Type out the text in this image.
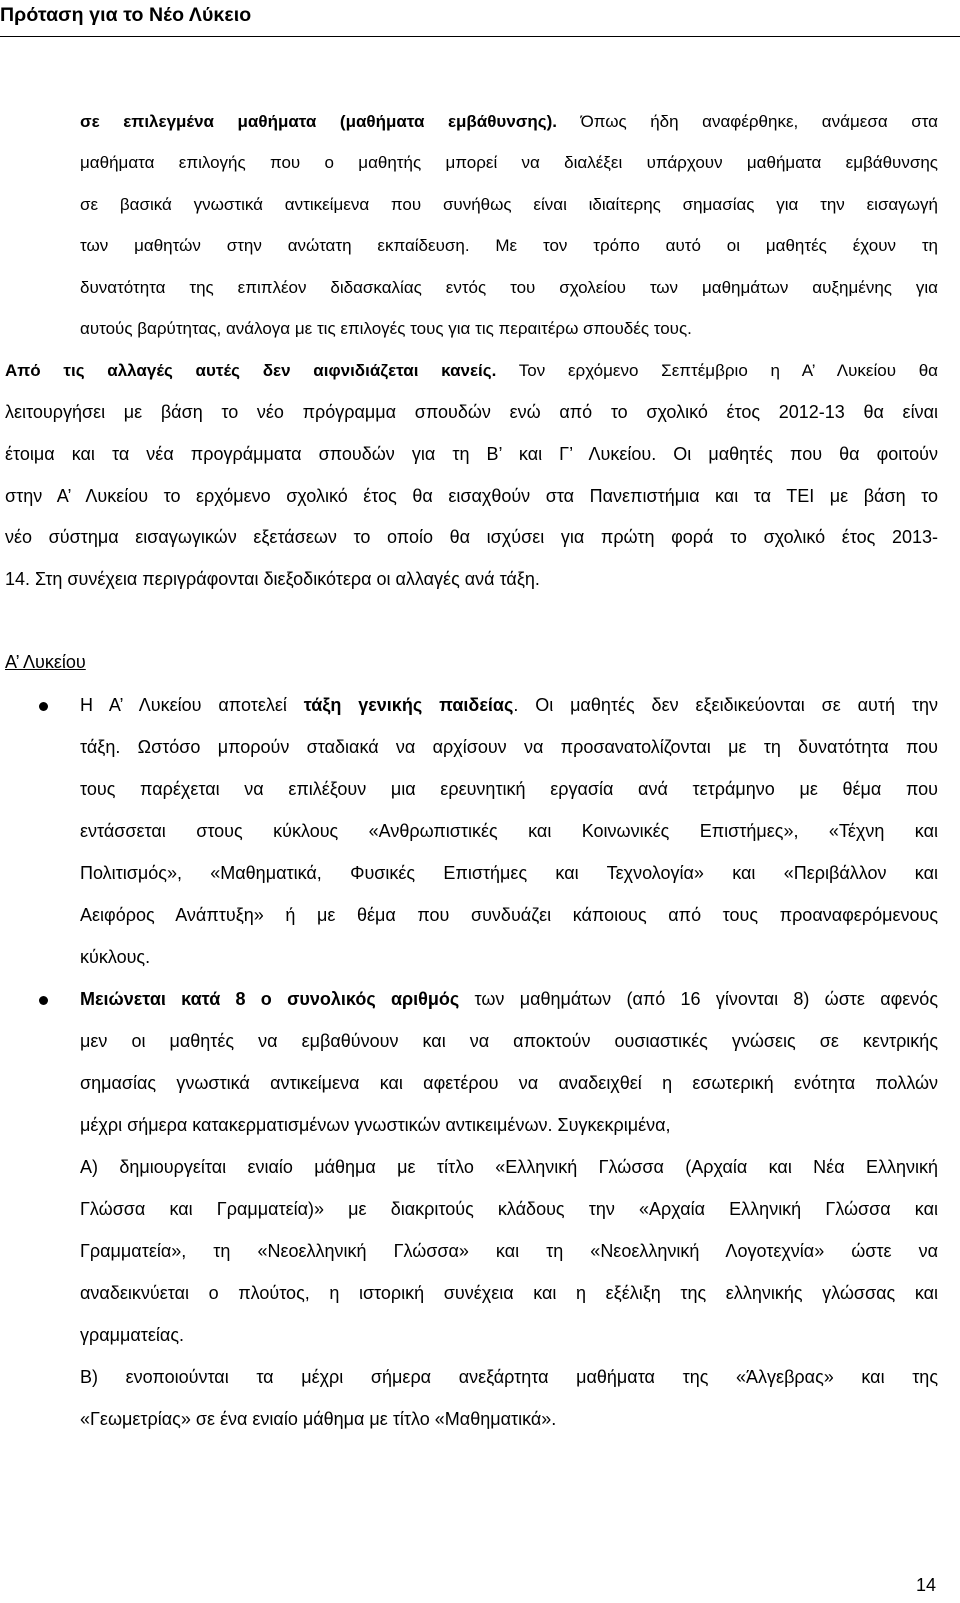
Πρόταση για το Νέο Λύκειο
σε επιλεγμένα μαθήματα (μαθήματα εμβάθυνσης). Όπως ήδη αναφέρθηκε, ανάμεσα στα
μαθήματα επιλογής που ο μαθητής μπορεί να διαλέξει υπάρχουν μαθήματα εμβάθυνσης
σε βασικά γνωστικά αντικείμενα που συνήθως είναι ιδιαίτερης σημασίας για την εισαγωγή
των μαθητών στην ανώτατη εκπαίδευση. Με τον τρόπο αυτό οι μαθητές έχουν τη
δυνατότητα της επιπλέον διδασκαλίας εντός του σχολείου των μαθημάτων αυξημένης για
αυτούς βαρύτητας, ανάλογα με τις επιλογές τους για τις περαιτέρω σπουδές τους.
Από τις αλλαγές αυτές δεν αιφνιδιάζεται κανείς. Τον ερχόμενο Σεπτέμβριο η Α’ Λυκείου θα
λειτουργήσει με βάση το νέο πρόγραμμα σπουδών ενώ από το σχολικό έτος 2012-13 θα είναι
έτοιμα και τα νέα προγράμματα σπουδών για τη Β’ και Γ’ Λυκείου. Οι μαθητές που θα φοιτούν
στην Α’ Λυκείου το ερχόμενο σχολικό έτος θα εισαχθούν στα Πανεπιστήμια και τα ΤΕΙ με βάση το
νέο σύστημα εισαγωγικών εξετάσεων το οποίο θα ισχύσει για πρώτη φορά το σχολικό έτος 2013-
14. Στη συνέχεια περιγράφονται διεξοδικότερα οι αλλαγές ανά τάξη.
Α’ Λυκείου
Η Α’ Λυκείου αποτελεί τάξη γενικής παιδείας. Οι μαθητές δεν εξειδικεύονται σε αυτή την
τάξη. Ωστόσο μπορούν σταδιακά να αρχίσουν να προσανατολίζονται με τη δυνατότητα που
τους παρέχεται να επιλέξουν μια ερευνητική εργασία ανά τετράμηνο με θέμα που
εντάσσεται στους κύκλους «Ανθρωπιστικές και Κοινωνικές Επιστήμες», «Τέχνη και
Πολιτισμός», «Μαθηματικά, Φυσικές Επιστήμες και Τεχνολογία» και «Περιβάλλον και
Αειφόρος Ανάπτυξη» ή με θέμα που συνδυάζει κάποιους από τους προαναφερόμενους
κύκλους.
Μειώνεται κατά 8 ο συνολικός αριθμός των μαθημάτων (από 16 γίνονται 8) ώστε αφενός
μεν οι μαθητές να εμβαθύνουν και να αποκτούν ουσιαστικές γνώσεις σε κεντρικής
σημασίας γνωστικά αντικείμενα και αφετέρου να αναδειχθεί η εσωτερική ενότητα πολλών
μέχρι σήμερα κατακερματισμένων γνωστικών αντικειμένων. Συγκεκριμένα,
Α) δημιουργείται ενιαίο μάθημα με τίτλο «Ελληνική Γλώσσα (Αρχαία και Νέα Ελληνική
Γλώσσα και Γραμματεία)» με διακριτούς κλάδους την «Αρχαία Ελληνική Γλώσσα και
Γραμματεία», τη «Νεοελληνική Γλώσσα» και τη «Νεοελληνική Λογοτεχνία» ώστε να
αναδεικνύεται ο πλούτος, η ιστορική συνέχεια και η εξέλιξη της ελληνικής γλώσσας και
γραμματείας.
Β) ενοποιούνται τα μέχρι σήμερα ανεξάρτητα μαθήματα της «Άλγεβρας» και της
«Γεωμετρίας» σε ένα ενιαίο μάθημα με τίτλο «Μαθηματικά».
14
